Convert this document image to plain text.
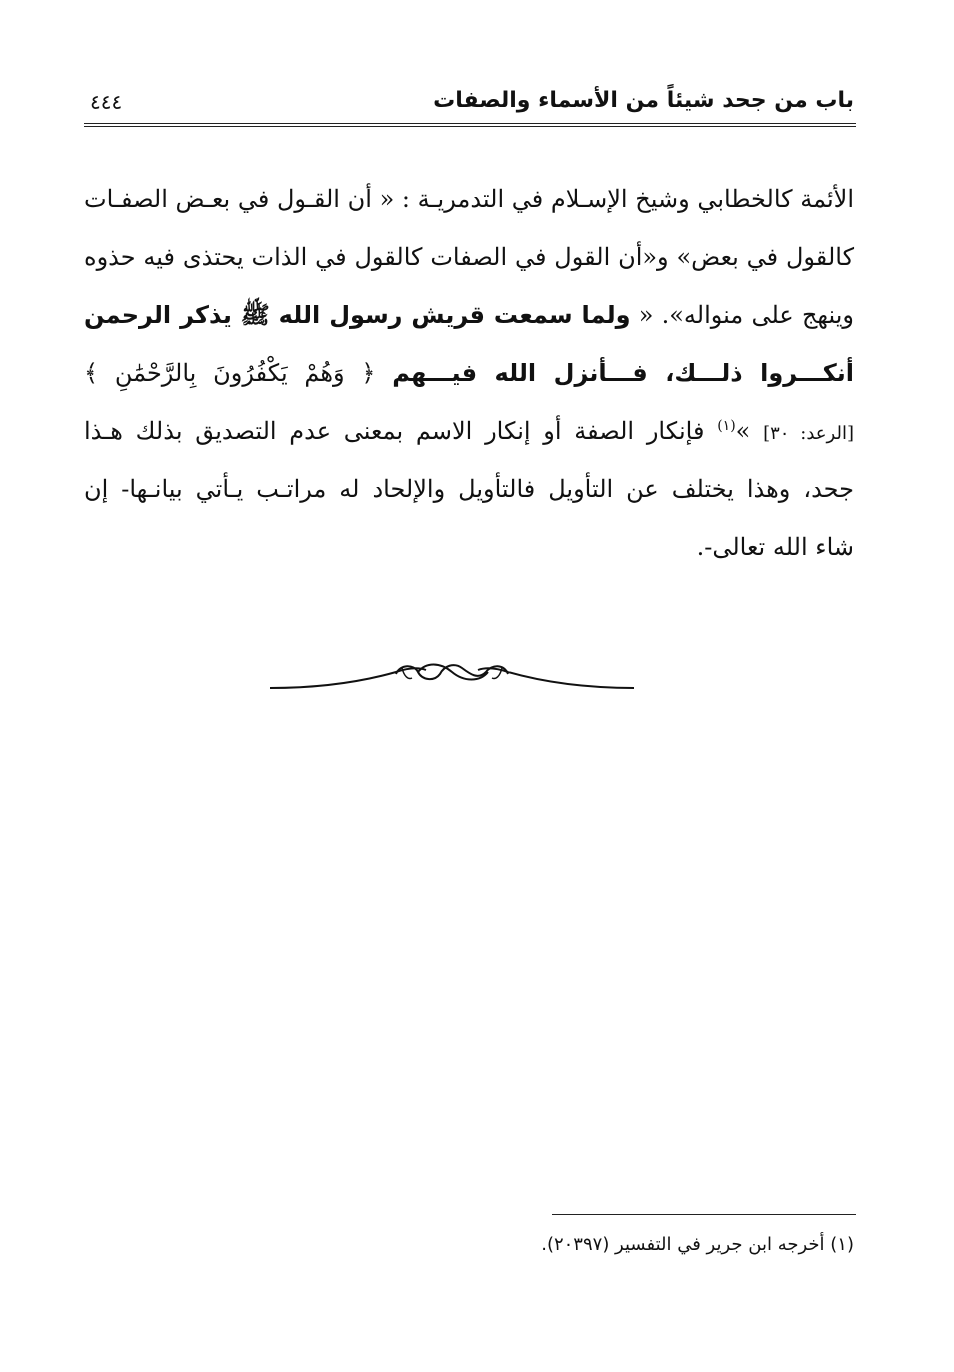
باب من جحد شيئاً من الأسماء والصفات
٤٤٤
الأئمة كالخطابي وشيخ الإسـلام في التدمريـة : « أن القـول في بعـض الصفـات
كالقول في بعض» و«أن القول في الصفات كالقول في الذات يحتذى فيه حذوه
وينهج على منواله». « ولما سمعت قريش رسول الله ﷺ يذكر الرحمن
أنكـــروا ذلـــك، فـــأنزل الله فيـــهم ﴿ وَهُمْ يَكْفُرُونَ بِالرَّحْمَٰنِ ﴾
[الرعد: ٣٠] »$^{(١)}$ فإنكار الصفة أو إنكار الاسم بمعنى عدم التصديق بذلك هـذا
جحد، وهذا يختلف عن التأويل فالتأويل والإلحاد له مراتـب يـأتي بيانـها- إن
شاء الله تعالى-.
(١) أخرجه ابن جرير في التفسير (٢٠٣٩٧).
